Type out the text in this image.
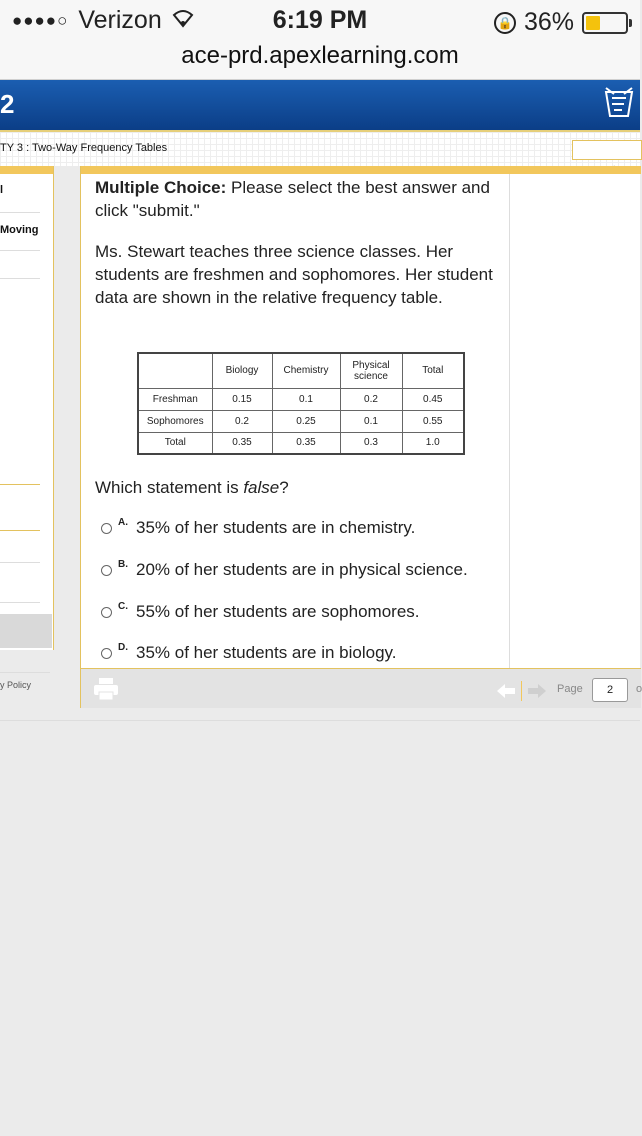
●●●●○ Verizon	6:19 PM	🔒 36%
ace-prd.apexlearning.com
2
TY 3 : Two-Way Frequency Tables
l
Moving
y Policy

Multiple Choice: Please select the best answer and click "submit."

Ms. Stewart teaches three science classes. Her students are freshmen and sophomores. Her student data are shown in the relative frequency table.

	Biology	Chemistry	Physical science	Total
Freshman	0.15	0.1	0.2	0.45
Sophomores	0.2	0.25	0.1	0.55
Total	0.35	0.35	0.3	1.0

Which statement is false?

A. 35% of her students are in chemistry.
B. 20% of her students are in physical science.
C. 55% of her students are sophomores.
D. 35% of her students are in biology.
Page	2	o
